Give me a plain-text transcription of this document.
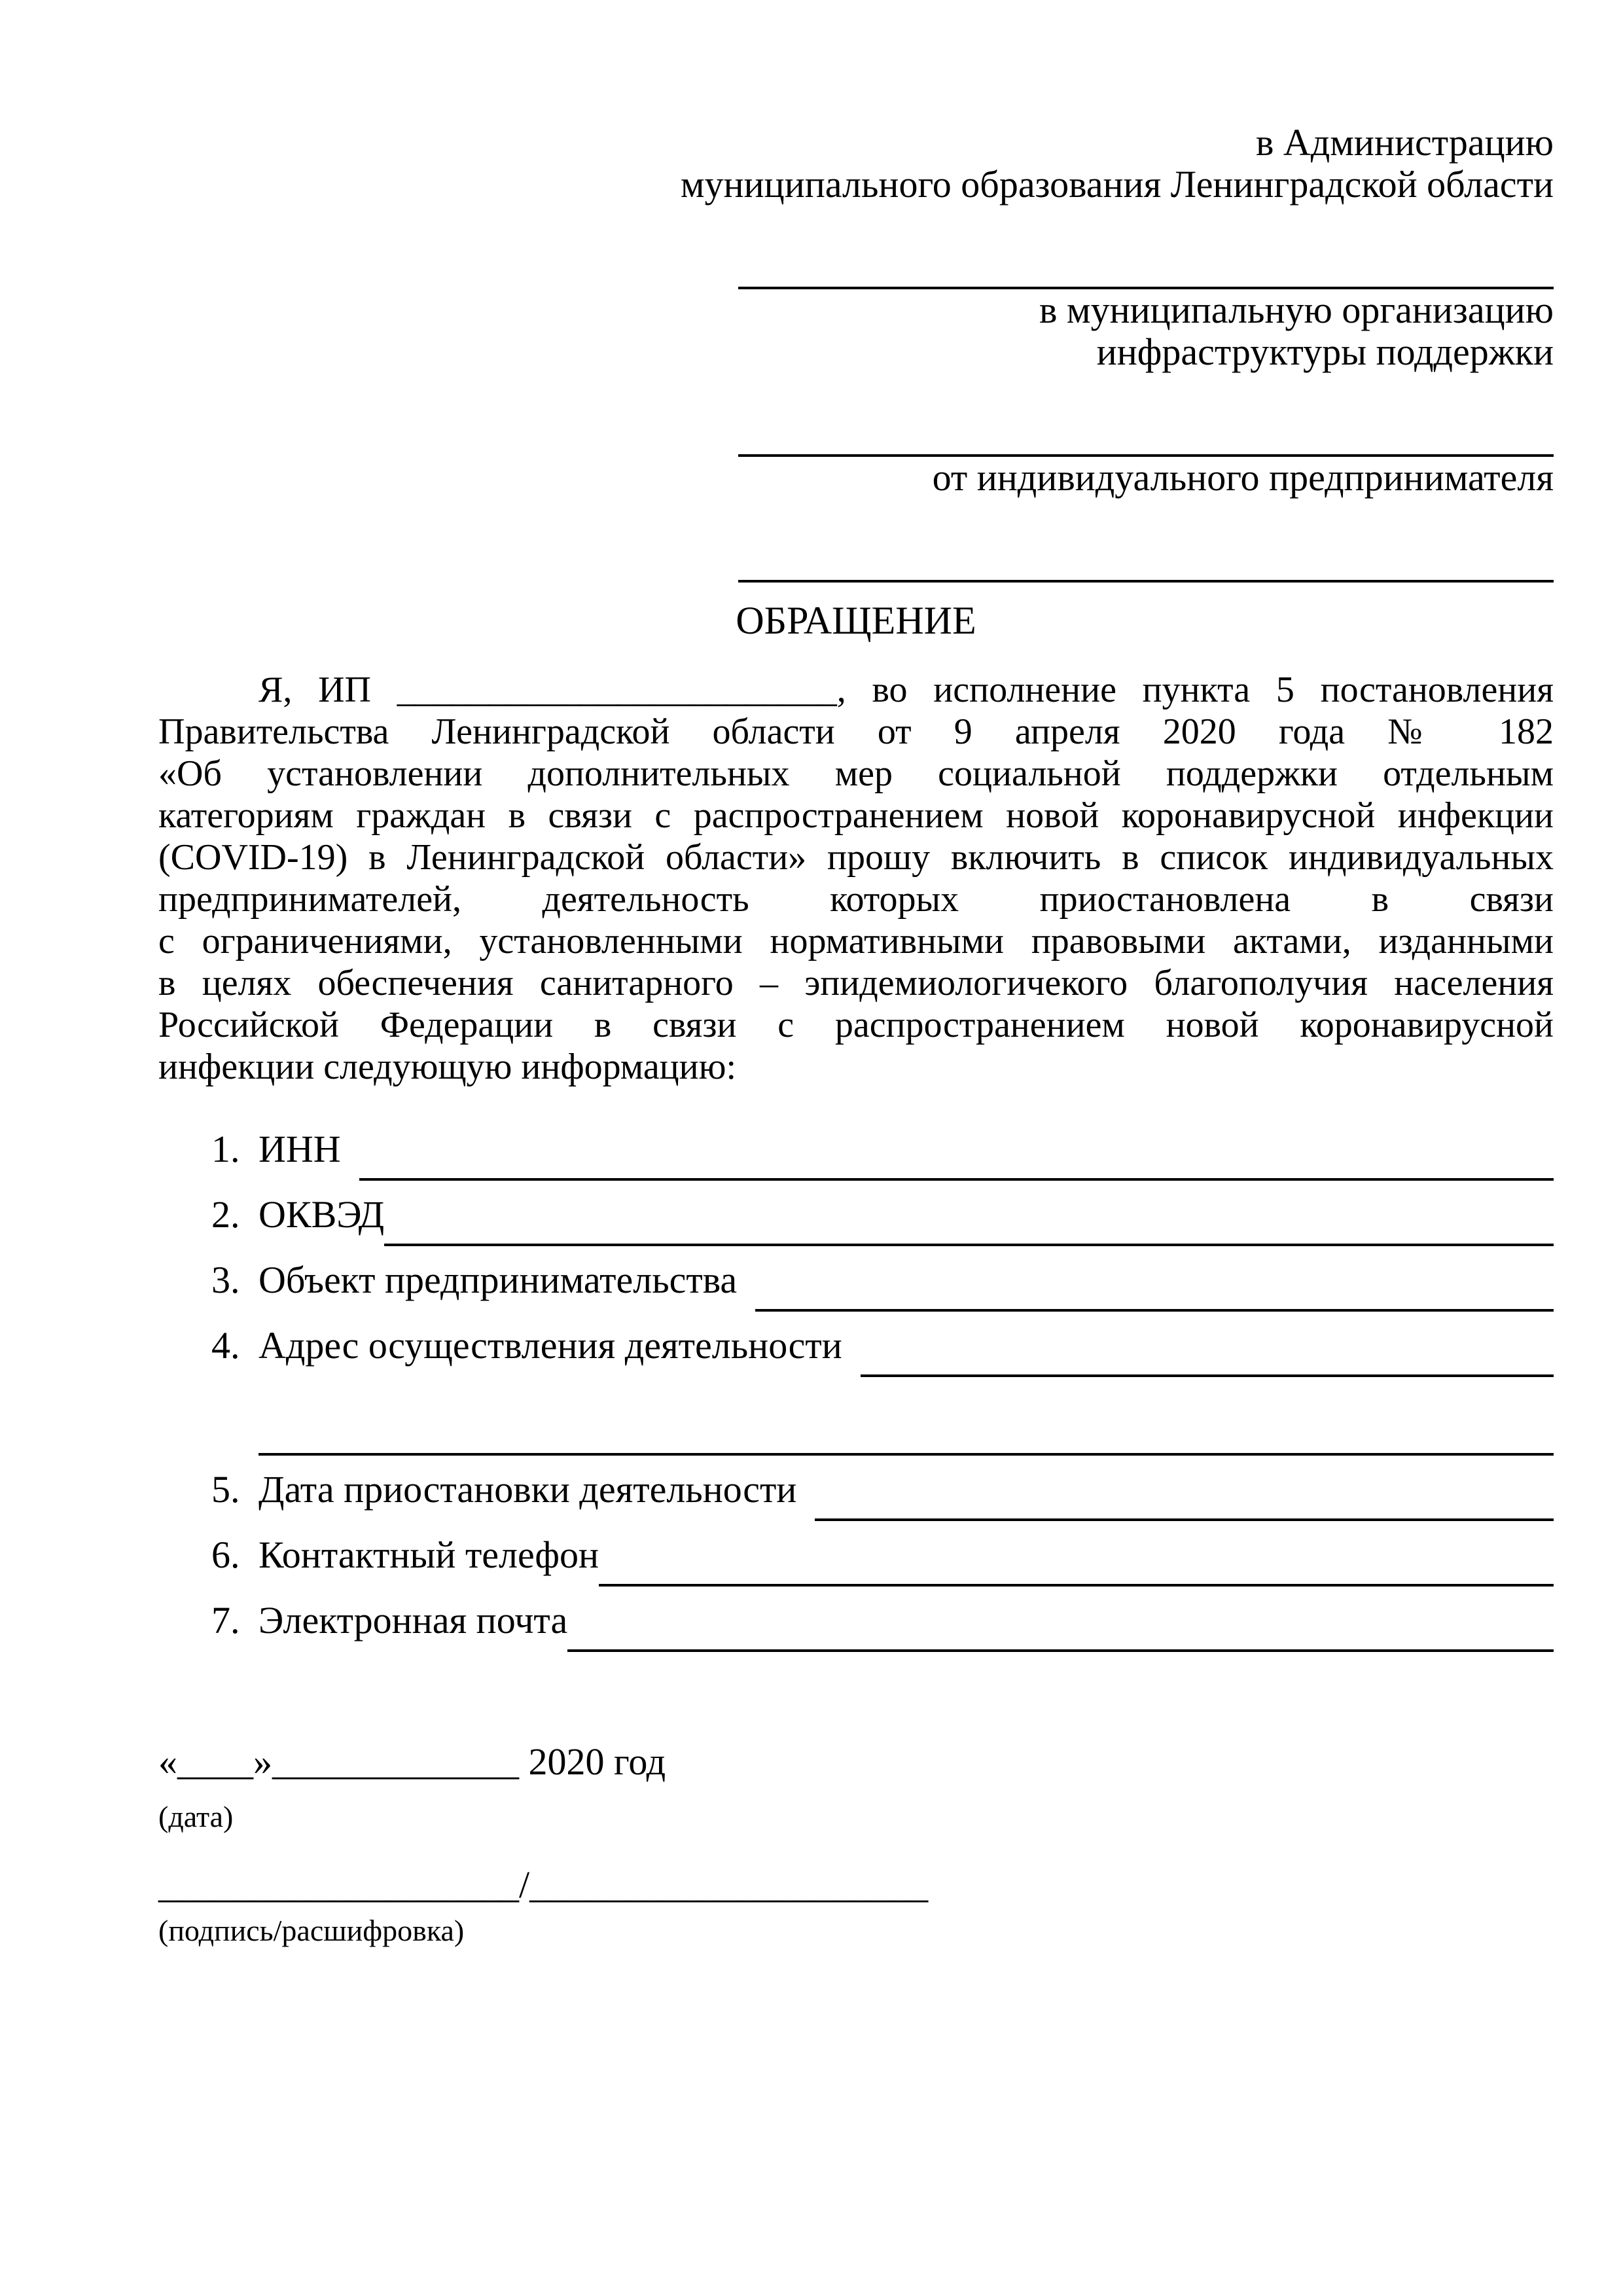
в Администрацию
муниципального образования Ленинградской области
в муниципальную организацию
инфраструктуры поддержки
от индивидуального предпринимателя
ОБРАЩЕНИЕ
Я, ИП ________________________, во исполнение пункта 5 постановления
Правительства Ленинградской области от 9 апреля 2020 года № 182
«Об установлении дополнительных мер социальной поддержки отдельным
категориям граждан в связи с распространением новой коронавирусной инфекции
(COVID-19) в Ленинградской области» прошу включить в список индивидуальных
предпринимателей, деятельность которых приостановлена в связи
с ограничениями, установленными нормативными правовыми актами, изданными
в целях обеспечения санитарного – эпидемиологичекого благополучия населения
Российской Федерации в связи с распространением новой коронавирусной
инфекции следующую информацию:
1. ИНН
2. ОКВЭД
3. Объект предпринимательства
4. Адрес осуществления деятельности
5. Дата приостановки деятельности
6. Контактный телефон
7. Электронная почта
«____»_____________ 2020 год
(дата)
___________________/_____________________
(подпись/расшифровка)
